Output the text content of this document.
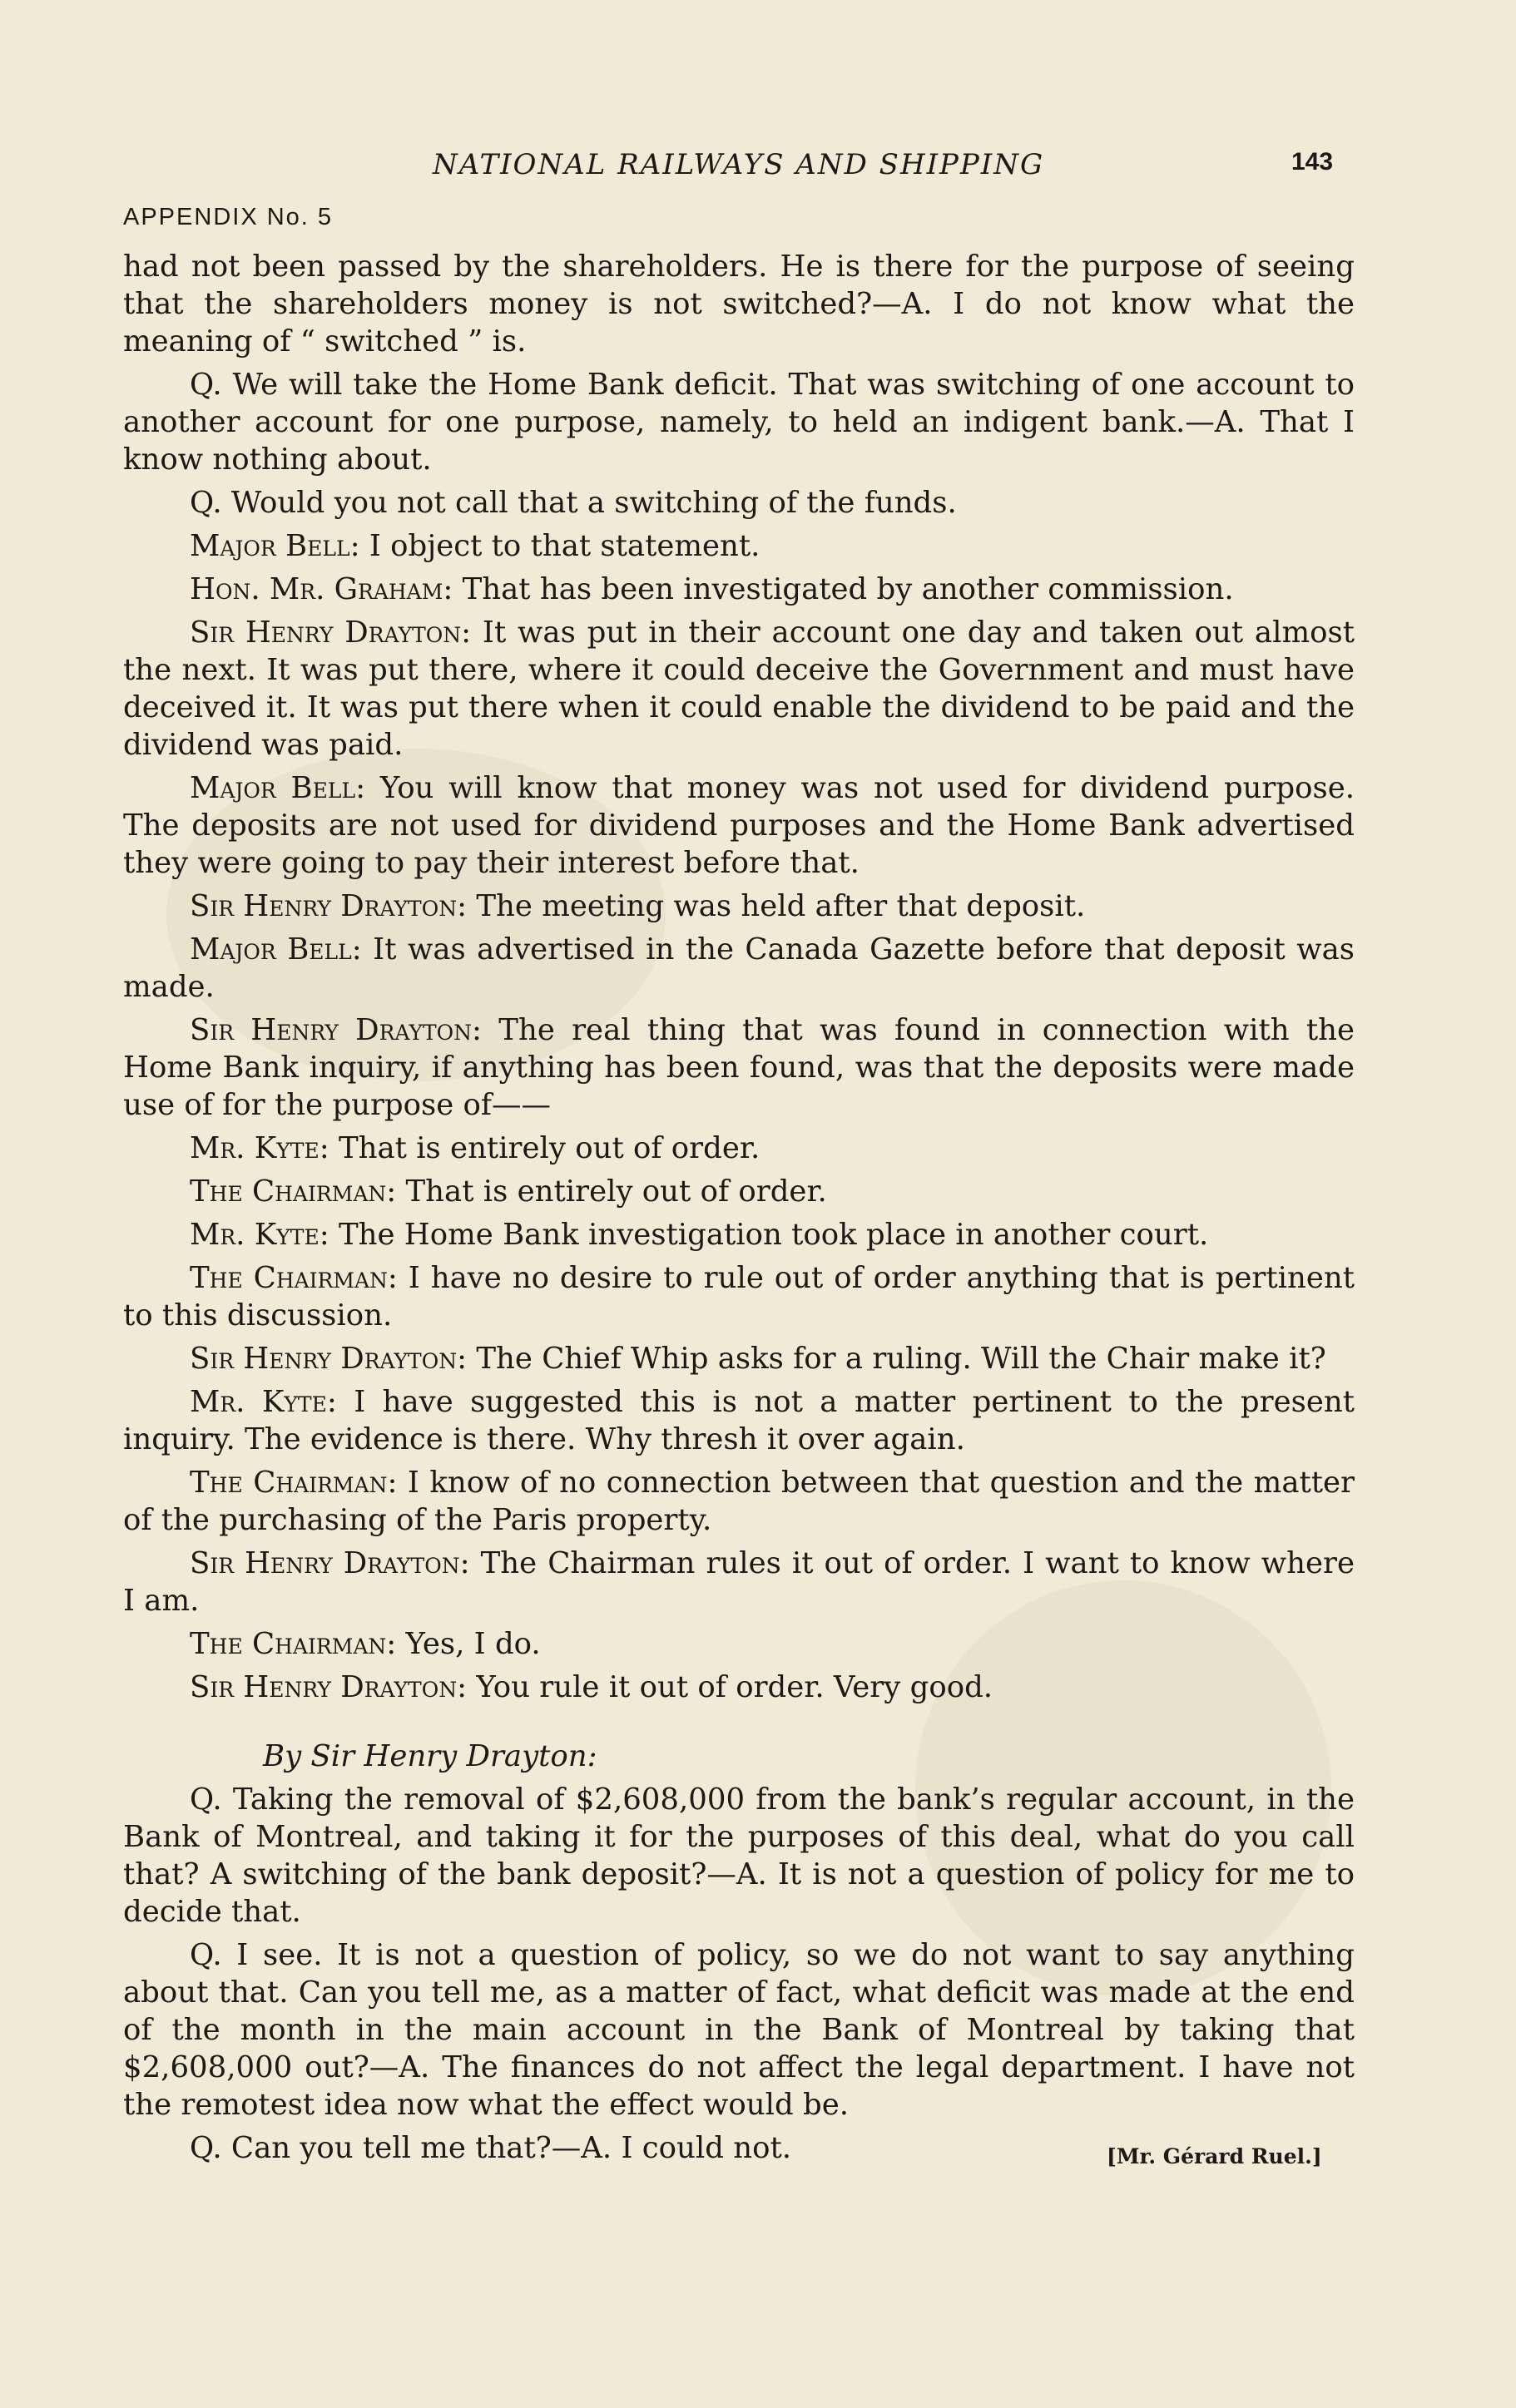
NATIONAL RAILWAYS AND SHIPPING	143
APPENDIX No. 5

had not been passed by the shareholders. He is there for the purpose of seeing that the shareholders money is not switched?—A. I do not know what the meaning of “ switched ” is.

Q. We will take the Home Bank deficit. That was switching of one account to another account for one purpose, namely, to held an indigent bank.—A. That I know nothing about.

Q. Would you not call that a switching of the funds.

Major Bell: I object to that statement.

Hon. Mr. Graham: That has been investigated by another commission.

Sir Henry Drayton: It was put in their account one day and taken out almost the next. It was put there, where it could deceive the Government and must have deceived it. It was put there when it could enable the dividend to be paid and the dividend was paid.

Major Bell: You will know that money was not used for dividend purpose. The deposits are not used for dividend purposes and the Home Bank advertised they were going to pay their interest before that.

Sir Henry Drayton: The meeting was held after that deposit.

Major Bell: It was advertised in the Canada Gazette before that deposit was made.

Sir Henry Drayton: The real thing that was found in connection with the Home Bank inquiry, if anything has been found, was that the deposits were made use of for the purpose of——

Mr. Kyte: That is entirely out of order.

The Chairman: That is entirely out of order.

Mr. Kyte: The Home Bank investigation took place in another court.

The Chairman: I have no desire to rule out of order anything that is pertinent to this discussion.

Sir Henry Drayton: The Chief Whip asks for a ruling. Will the Chair make it?

Mr. Kyte: I have suggested this is not a matter pertinent to the present inquiry. The evidence is there. Why thresh it over again.

The Chairman: I know of no connection between that question and the matter of the purchasing of the Paris property.

Sir Henry Drayton: The Chairman rules it out of order. I want to know where I am.

The Chairman: Yes, I do.

Sir Henry Drayton: You rule it out of order. Very good.

By Sir Henry Drayton:

Q. Taking the removal of $2,608,000 from the bank’s regular account, in the Bank of Montreal, and taking it for the purposes of this deal, what do you call that? A switching of the bank deposit?—A. It is not a question of policy for me to decide that.

Q. I see. It is not a question of policy, so we do not want to say anything about that. Can you tell me, as a matter of fact, what deficit was made at the end of the month in the main account in the Bank of Montreal by taking that $2,608,000 out?—A. The finances do not affect the legal department. I have not the remotest idea now what the effect would be.

Q. Can you tell me that?—A. I could not.	[Mr. Gérard Ruel.]
